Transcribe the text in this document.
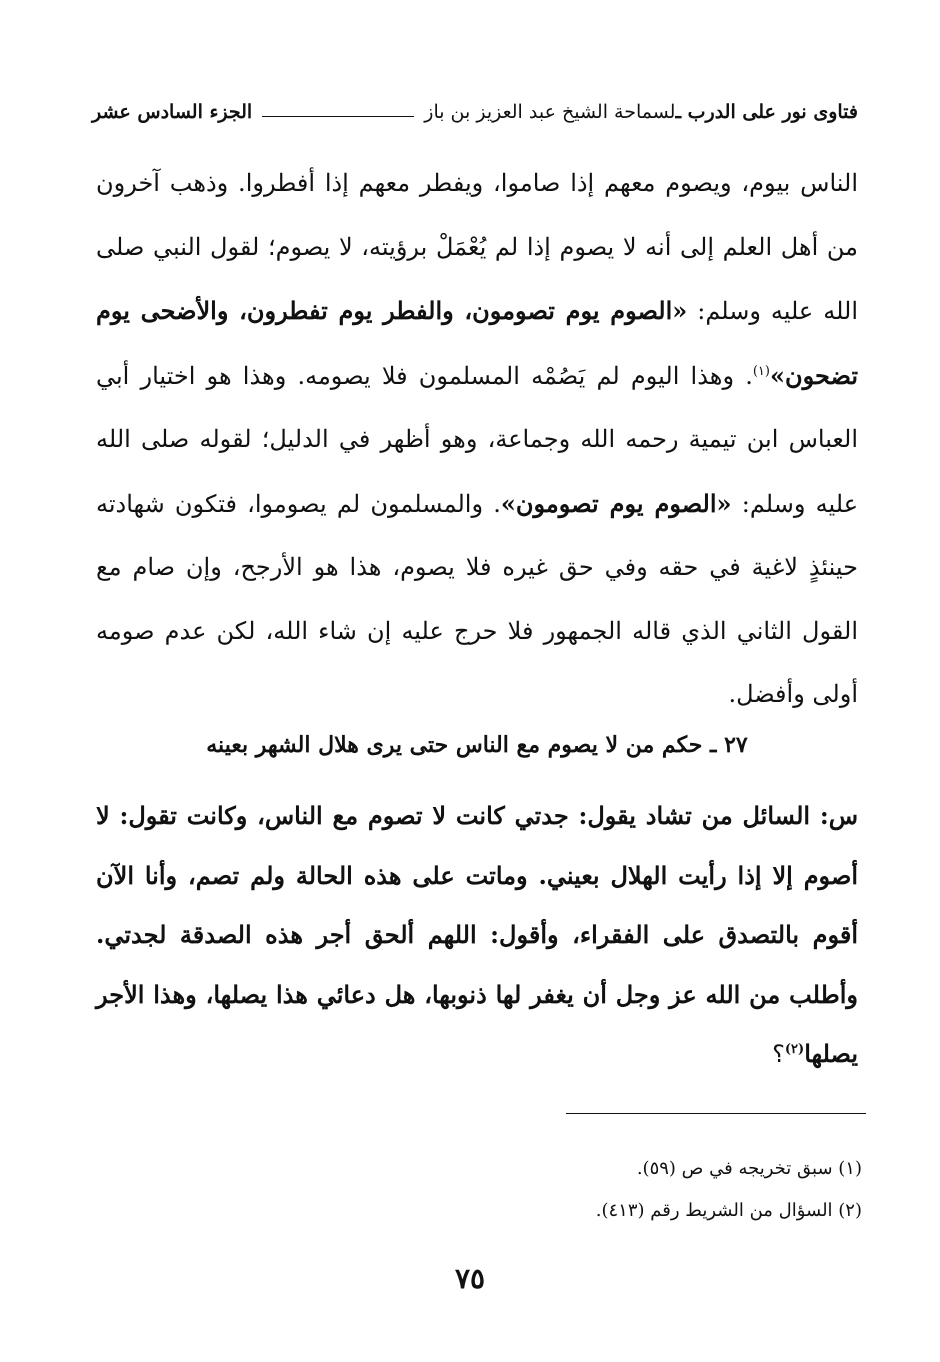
فتاوى نور على الدرب ـ
لسماحة الشيخ عبد العزيز بن باز
الجزء السادس عشر

الناس بيوم، ويصوم معهم إذا صاموا، ويفطر معهم إذا أفطروا. وذهب آخرون من أهل العلم إلى أنه لا يصوم إذا لم يُعْمَلْ برؤيته، لا يصوم؛ لقول النبي صلى الله عليه وسلم: «الصوم يوم تصومون، والفطر يوم تفطرون، والأضحى يوم تضحون»$^{(١)}$. وهذا اليوم لم يَصُمْه المسلمون فلا يصومه. وهذا هو اختيار أبي العباس ابن تيمية رحمه الله وجماعة، وهو أظهر في الدليل؛ لقوله صلى الله عليه وسلم: «الصوم يوم تصومون». والمسلمون لم يصوموا، فتكون شهادته حينئذٍ لاغية في حقه وفي حق غيره فلا يصوم، هذا هو الأرجح، وإن صام مع القول الثاني الذي قاله الجمهور فلا حرج عليه إن شاء الله، لكن عدم صومه أولى وأفضل.

٢٧ ـ حكم من لا يصوم مع الناس حتى يرى هلال الشهر بعينه

س: السائل من تشاد يقول: جدتي كانت لا تصوم مع الناس، وكانت تقول: لا أصوم إلا إذا رأيت الهلال بعيني. وماتت على هذه الحالة ولم تصم، وأنا الآن أقوم بالتصدق على الفقراء، وأقول: اللهم ألحق أجر هذه الصدقة لجدتي. وأطلب من الله عز وجل أن يغفر لها ذنوبها، هل دعائي هذا يصلها، وهذا الأجر يصلها$^{(٢)}$؟

(١) سبق تخريجه في ص (٥٩).
(٢) السؤال من الشريط رقم (٤١٣).
٧٥
